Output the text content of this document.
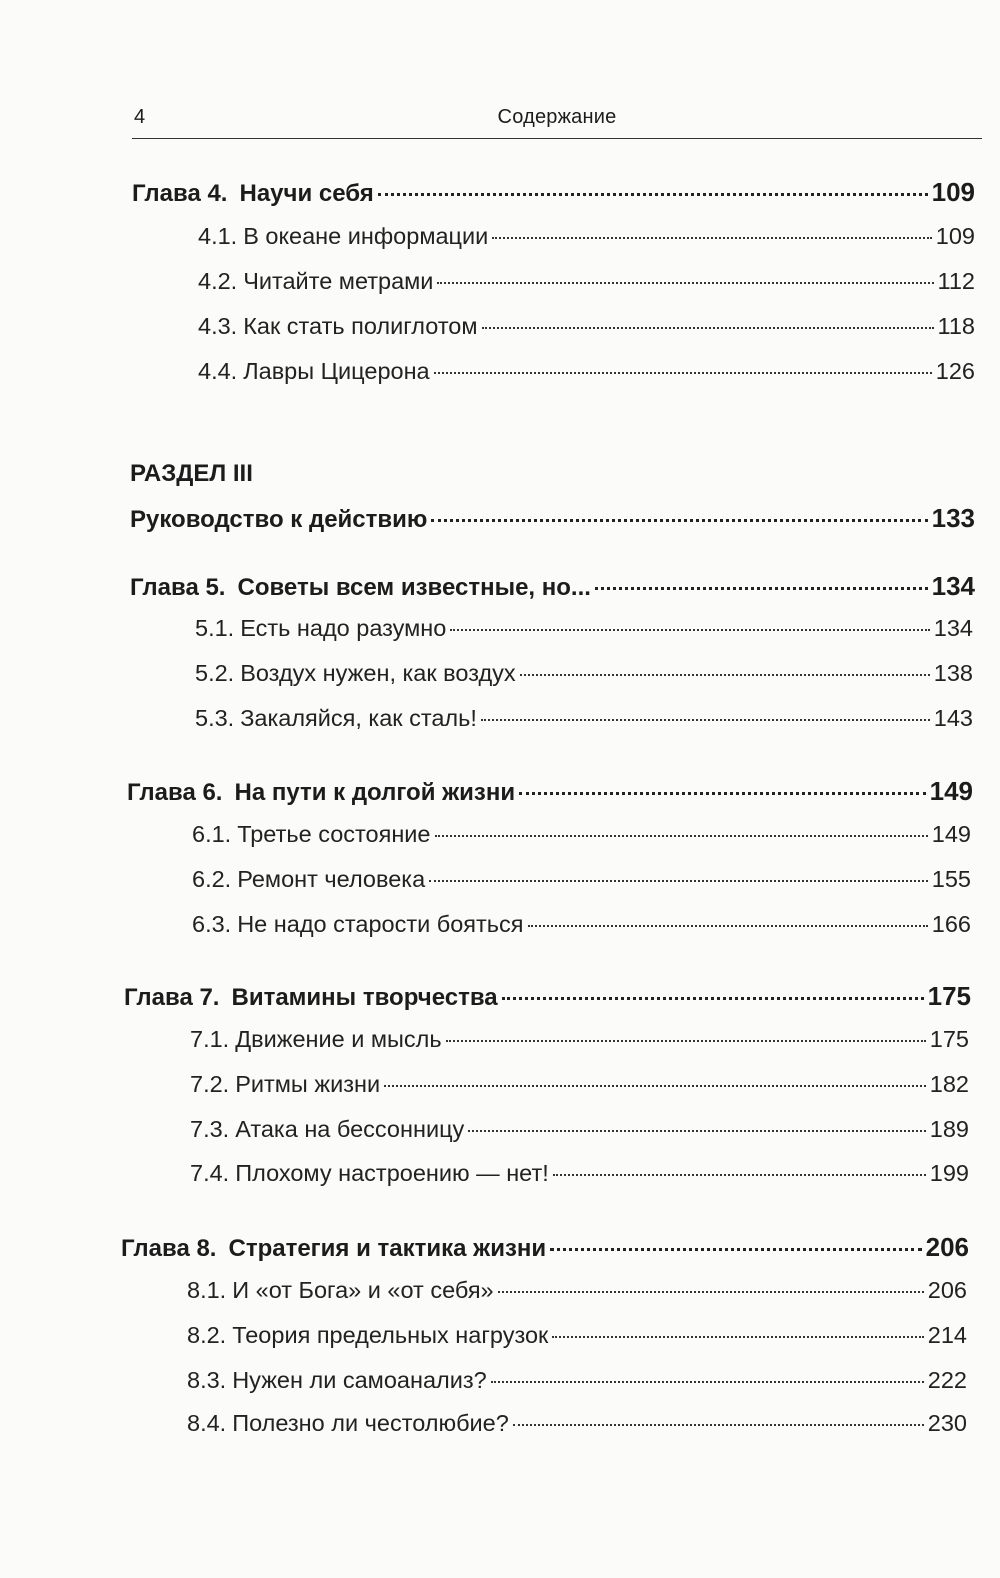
4	Содержание
Глава 4. Научи себя	109
4.1. В океане информации	109
4.2. Читайте метрами	112
4.3. Как стать полиглотом	118
4.4. Лавры Цицерона	126
РАЗДЕЛ III
Руководство к действию	133
Глава 5. Советы всем известные, но...	134
5.1. Есть надо разумно	134
5.2. Воздух нужен, как воздух	138
5.3. Закаляйся, как сталь!	143
Глава 6. На пути к долгой жизни	149
6.1. Третье состояние	149
6.2. Ремонт человека	155
6.3. Не надо старости бояться	166
Глава 7. Витамины творчества	175
7.1. Движение и мысль	175
7.2. Ритмы жизни	182
7.3. Атака на бессонницу	189
7.4. Плохому настроению — нет!	199
Глава 8. Стратегия и тактика жизни	206
8.1. И «от Бога» и «от себя»	206
8.2. Теория предельных нагрузок	214
8.3. Нужен ли самоанализ?	222
8.4. Полезно ли честолюбие?	230
